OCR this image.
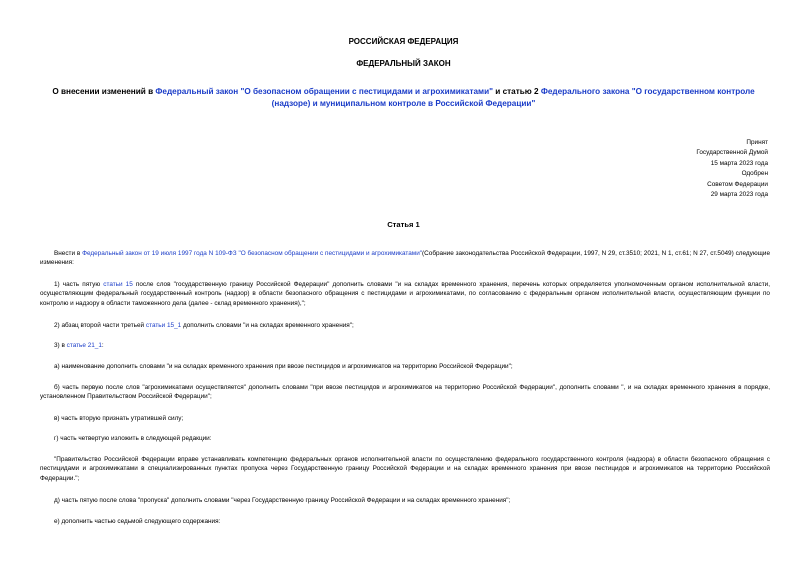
РОССИЙСКАЯ ФЕДЕРАЦИЯ
ФЕДЕРАЛЬНЫЙ ЗАКОН
О внесении изменений в Федеральный закон "О безопасном обращении с пестицидами и агрохимикатами" и статью 2 Федерального закона "О государственном контроле (надзоре) и муниципальном контроле в Российской Федерации"
Принят
Государственной Думой
15 марта 2023 года
Одобрен
Советом Федерации
29 марта 2023 года
Статья 1
Внести в Федеральный закон от 19 июля 1997 года N 109-ФЗ "О безопасном обращении с пестицидами и агрохимикатами"(Собрание законодательства Российской Федерации, 1997, N 29, ст.3510; 2021, N 1, ст.61; N 27, ст.5049) следующие изменения:
1) часть пятую статьи 15 после слов "государственную границу Российской Федерации" дополнить словами "и на складах временного хранения, перечень которых определяется уполномоченным органом исполнительной власти, осуществляющим федеральный государственный контроль (надзор) в области безопасного обращения с пестицидами и агрохимикатами, по согласованию с федеральным органом исполнительной власти, осуществляющим функции по контролю и надзору в области таможенного дела (далее - склад временного хранения),";
2) абзац второй части третьей статьи 15_1 дополнить словами "и на складах временного хранения";
3) в статье 21_1:
а) наименование дополнить словами "и на складах временного хранения при ввозе пестицидов и агрохимикатов на территорию Российской Федерации";
б) часть первую после слов "агрохимикатами осуществляется" дополнить словами "при ввозе пестицидов и агрохимикатов на территорию Российской Федерации", дополнить словами ", и на складах временного хранения в порядке, установленном Правительством Российской Федерации";
в) часть вторую признать утратившей силу;
г) часть четвертую изложить в следующей редакции:
"Правительство Российской Федерации вправе устанавливать компетенцию федеральных органов исполнительной власти по осуществлению федерального государственного контроля (надзора) в области безопасного обращения с пестицидами и агрохимикатами в специализированных пунктах пропуска через Государственную границу Российской Федерации и на складах временного хранения при ввозе пестицидов и агрохимикатов на территорию Российской Федерации.";
д) часть пятую после слова "пропуска" дополнить словами "через Государственную границу Российской Федерации и на складах временного хранения";
е) дополнить частью седьмой следующего содержания:
